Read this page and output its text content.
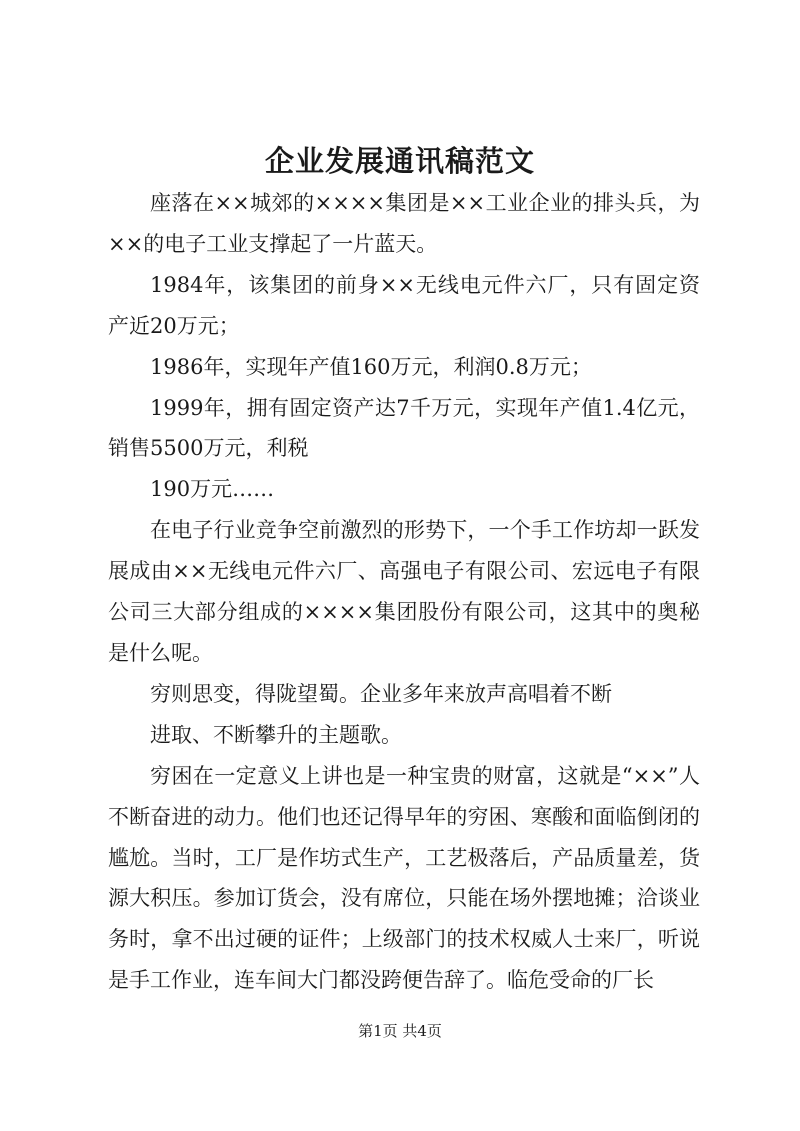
企业发展通讯稿范文

座落在××城郊的××××集团是××工业企业的排头兵，为××的电子工业支撑起了一片蓝天。

1984年，该集团的前身××无线电元件六厂，只有固定资产近20万元；

1986年，实现年产值160万元，利润0.8万元；

1999年，拥有固定资产达7千万元，实现年产值1.4亿元，销售5500万元，利税

190万元……

在电子行业竞争空前激烈的形势下，一个手工作坊却一跃发展成由××无线电元件六厂、高强电子有限公司、宏远电子有限公司三大部分组成的××××集团股份有限公司，这其中的奥秘是什么呢。

穷则思变，得陇望蜀。企业多年来放声高唱着不断

进取、不断攀升的主题歌。

穷困在一定意义上讲也是一种宝贵的财富，这就是“××”人不断奋进的动力。他们也还记得早年的穷困、寒酸和面临倒闭的尴尬。当时，工厂是作坊式生产，工艺极落后，产品质量差，货源大积压。参加订货会，没有席位，只能在场外摆地摊；洽谈业务时，拿不出过硬的证件；上级部门的技术权威人士来厂，听说是手工作业，连车间大门都没跨便告辞了。临危受命的厂长

第1页 共4页
